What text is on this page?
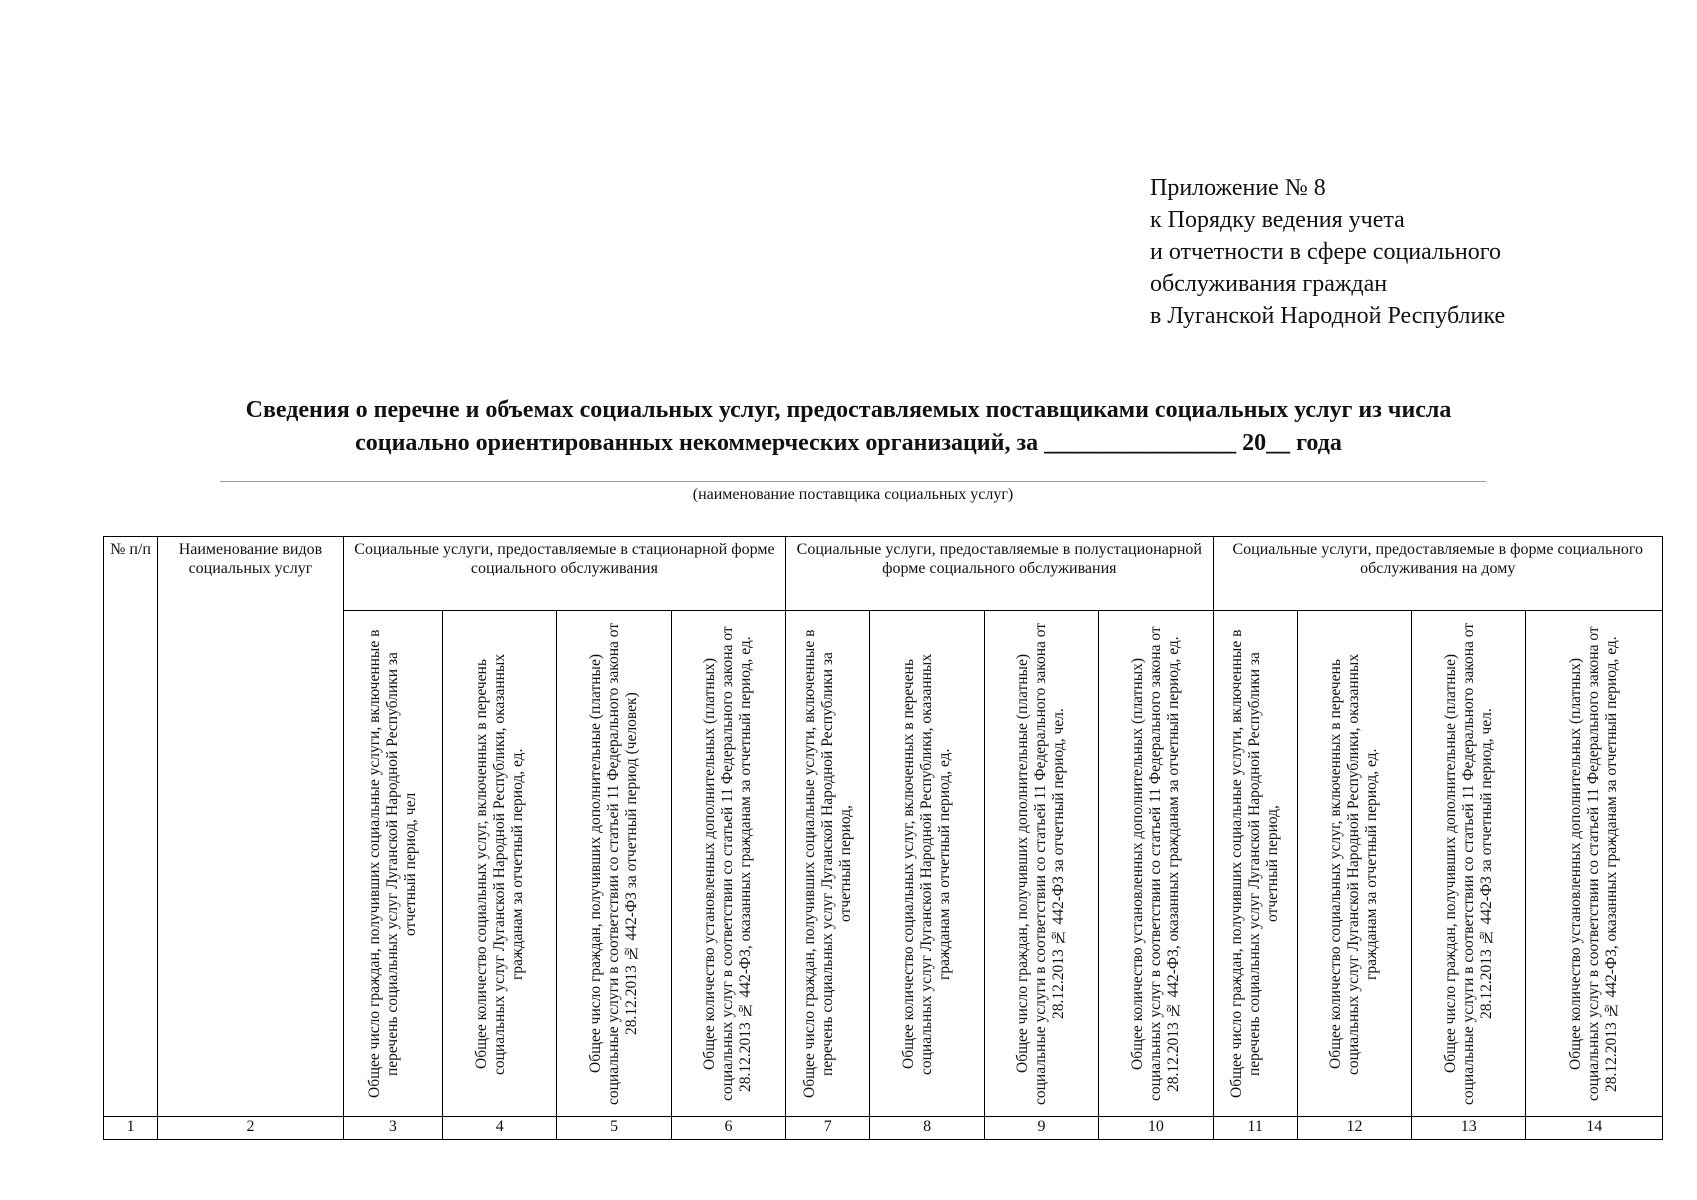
Приложение № 8
к Порядку ведения учета
и отчетности в сфере социального
обслуживания граждан
в Луганской Народной Республике
Сведения о перечне и объемах социальных услуг, предоставляемых поставщиками социальных услуг из числа
социально ориентированных некоммерческих организаций, за ________________ 20__ года
(наименование поставщика социальных услуг)
№ п/п	Наименование видов социальных услуг	Социальные услуги, предоставляемые в стационарной форме социального обслуживания				Социальные услуги, предоставляемые в полустационарной форме социального обслуживания				Социальные услуги, предоставляемые в форме социального обслуживания на дому			

		Общее число граждан, получивших социальные услуги, включенные в перечень социальных услуг Луганской Народной Республики за отчетный период, чел	Общее количество социальных услуг, включенных в перечень социальных услуг Луганской Народной Республики, оказанных гражданам за отчетный период, ед.	Общее число граждан, получивших дополнительные (платные) социальные услуги в соответствии со статьей 11 Федерального закона от 28.12.2013 № 442-ФЗ за отчетный период (человек)	Общее количество установленных дополнительных (платных) социальных услуг в соответствии со статьей 11 Федерального закона от 28.12.2013 № 442-ФЗ, оказанных гражданам за отчетный период, ед.	Общее число граждан, получивших социальные услуги, включенные в перечень социальных услуг Луганской Народной Республики за отчетный период,	Общее количество социальных услуг, включенных в перечень социальных услуг Луганской Народной Республики, оказанных гражданам за отчетный период, ед.	Общее число граждан, получивших дополнительные (платные) социальные услуги в соответствии со статьей 11 Федерального закона от 28.12.2013 № 442-ФЗ за отчетный период, чел.	Общее количество установленных дополнительных (платных) социальных услуг в соответствии со статьей 11 Федерального закона от 28.12.2013 № 442-ФЗ, оказанных гражданам за отчетный период, ед.	Общее число граждан, получивших социальные услуги, включенные в перечень социальных услуг Луганской Народной Республики за отчетный период,	Общее количество социальных услуг, включенных в перечень социальных услуг Луганской Народной Республики, оказанных гражданам за отчетный период, ед.	Общее число граждан, получивших дополнительные (платные) социальные услуги в соответствии со статьей 11 Федерального закона от 28.12.2013 № 442-ФЗ за отчетный период, чел.	Общее количество установленных дополнительных (платных) социальных услуг в соответствии со статьей 11 Федерального закона от 28.12.2013 № 442-ФЗ, оказанных гражданам за отчетный период, ед.

1	2	3	4	5	6	7	8	9	10	11	12	13	14
